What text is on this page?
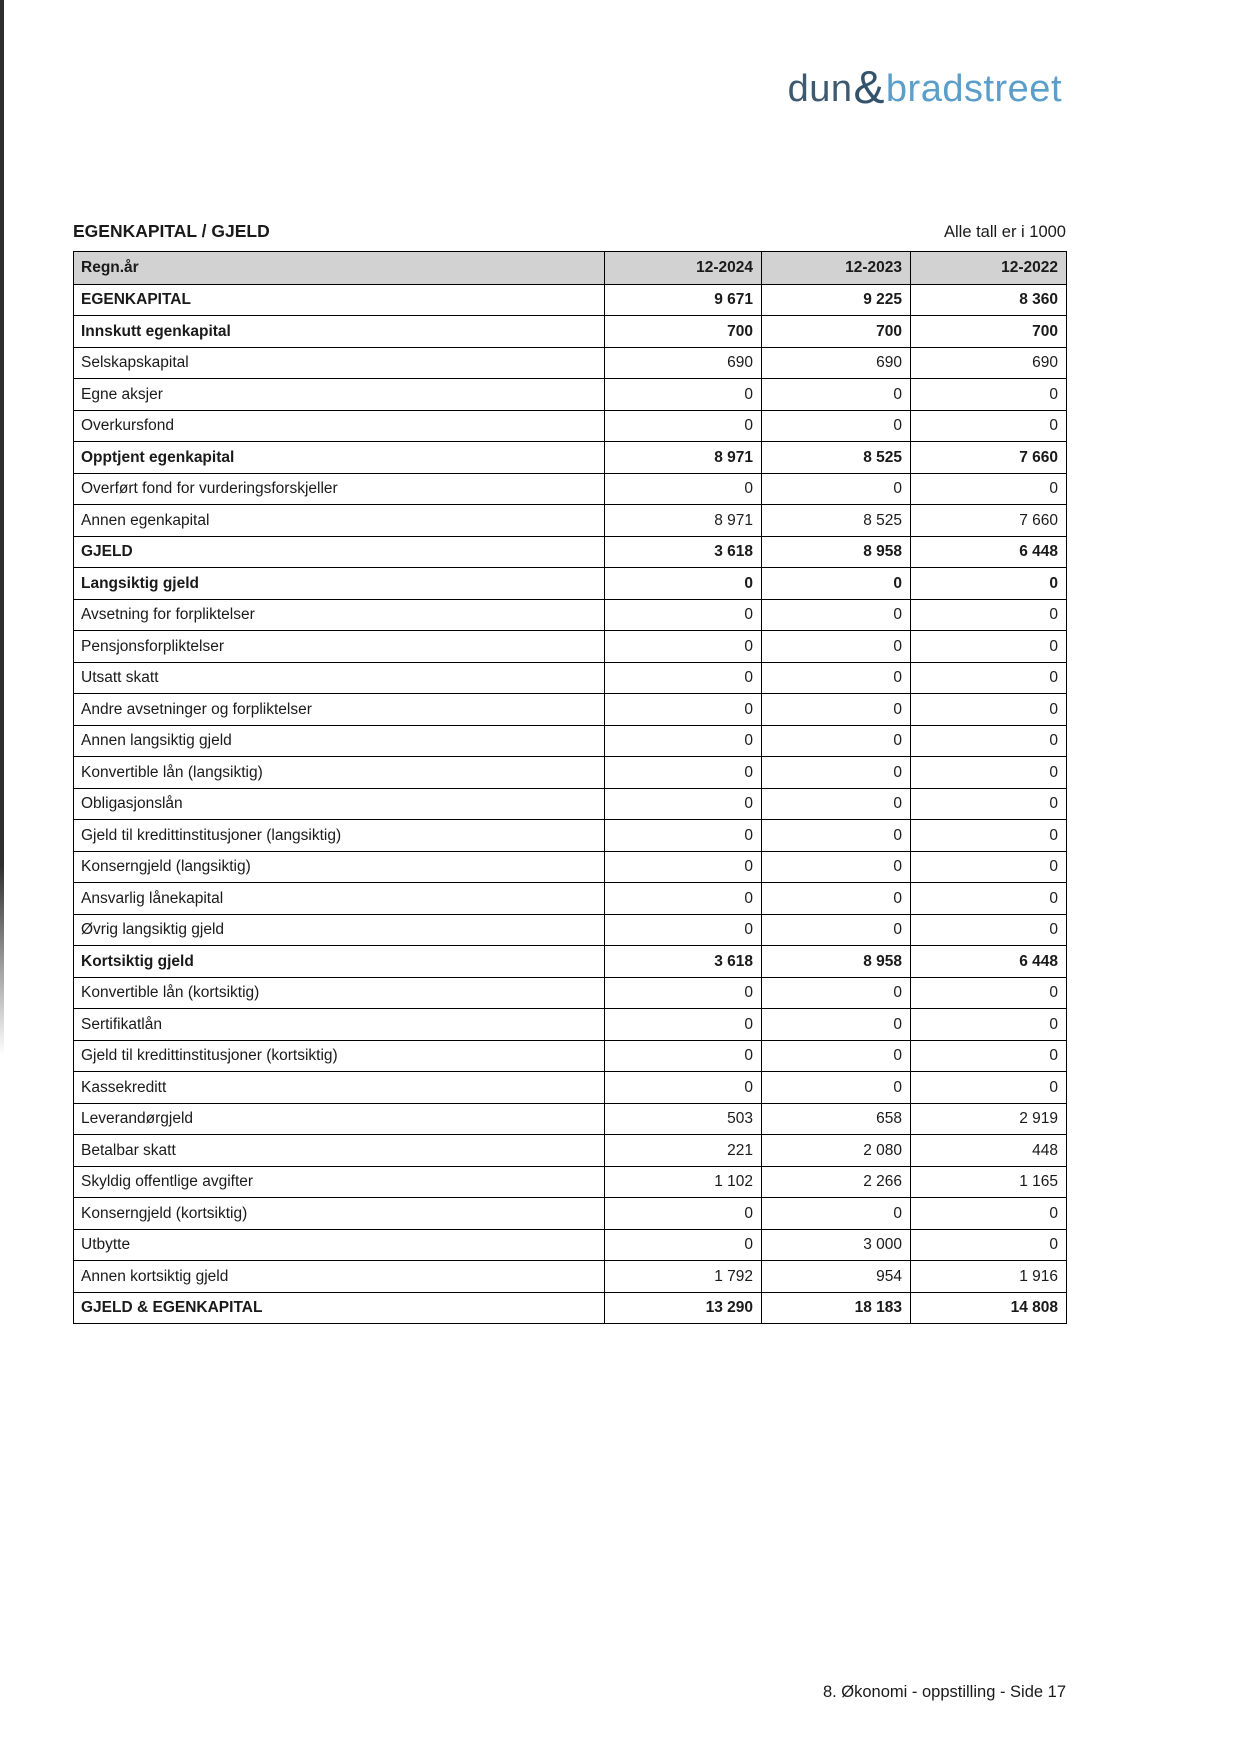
dun&bradstreet
EGENKAPITAL / GJELD	Alle tall er i 1000
Regn.år	12-2024	12-2023	12-2022
EGENKAPITAL	9 671	9 225	8 360
Innskutt egenkapital	700	700	700
Selskapskapital	690	690	690
Egne aksjer	0	0	0
Overkursfond	0	0	0
Opptjent egenkapital	8 971	8 525	7 660
Overført fond for vurderingsforskjeller	0	0	0
Annen egenkapital	8 971	8 525	7 660
GJELD	3 618	8 958	6 448
Langsiktig gjeld	0	0	0
Avsetning for forpliktelser	0	0	0
Pensjonsforpliktelser	0	0	0
Utsatt skatt	0	0	0
Andre avsetninger og forpliktelser	0	0	0
Annen langsiktig gjeld	0	0	0
Konvertible lån (langsiktig)	0	0	0
Obligasjonslån	0	0	0
Gjeld til kredittinstitusjoner (langsiktig)	0	0	0
Konserngjeld (langsiktig)	0	0	0
Ansvarlig lånekapital	0	0	0
Øvrig langsiktig gjeld	0	0	0
Kortsiktig gjeld	3 618	8 958	6 448
Konvertible lån (kortsiktig)	0	0	0
Sertifikatlån	0	0	0
Gjeld til kredittinstitusjoner (kortsiktig)	0	0	0
Kassekreditt	0	0	0
Leverandørgjeld	503	658	2 919
Betalbar skatt	221	2 080	448
Skyldig offentlige avgifter	1 102	2 266	1 165
Konserngjeld (kortsiktig)	0	0	0
Utbytte	0	3 000	0
Annen kortsiktig gjeld	1 792	954	1 916
GJELD & EGENKAPITAL	13 290	18 183	14 808
8. Økonomi - oppstilling - Side 17
